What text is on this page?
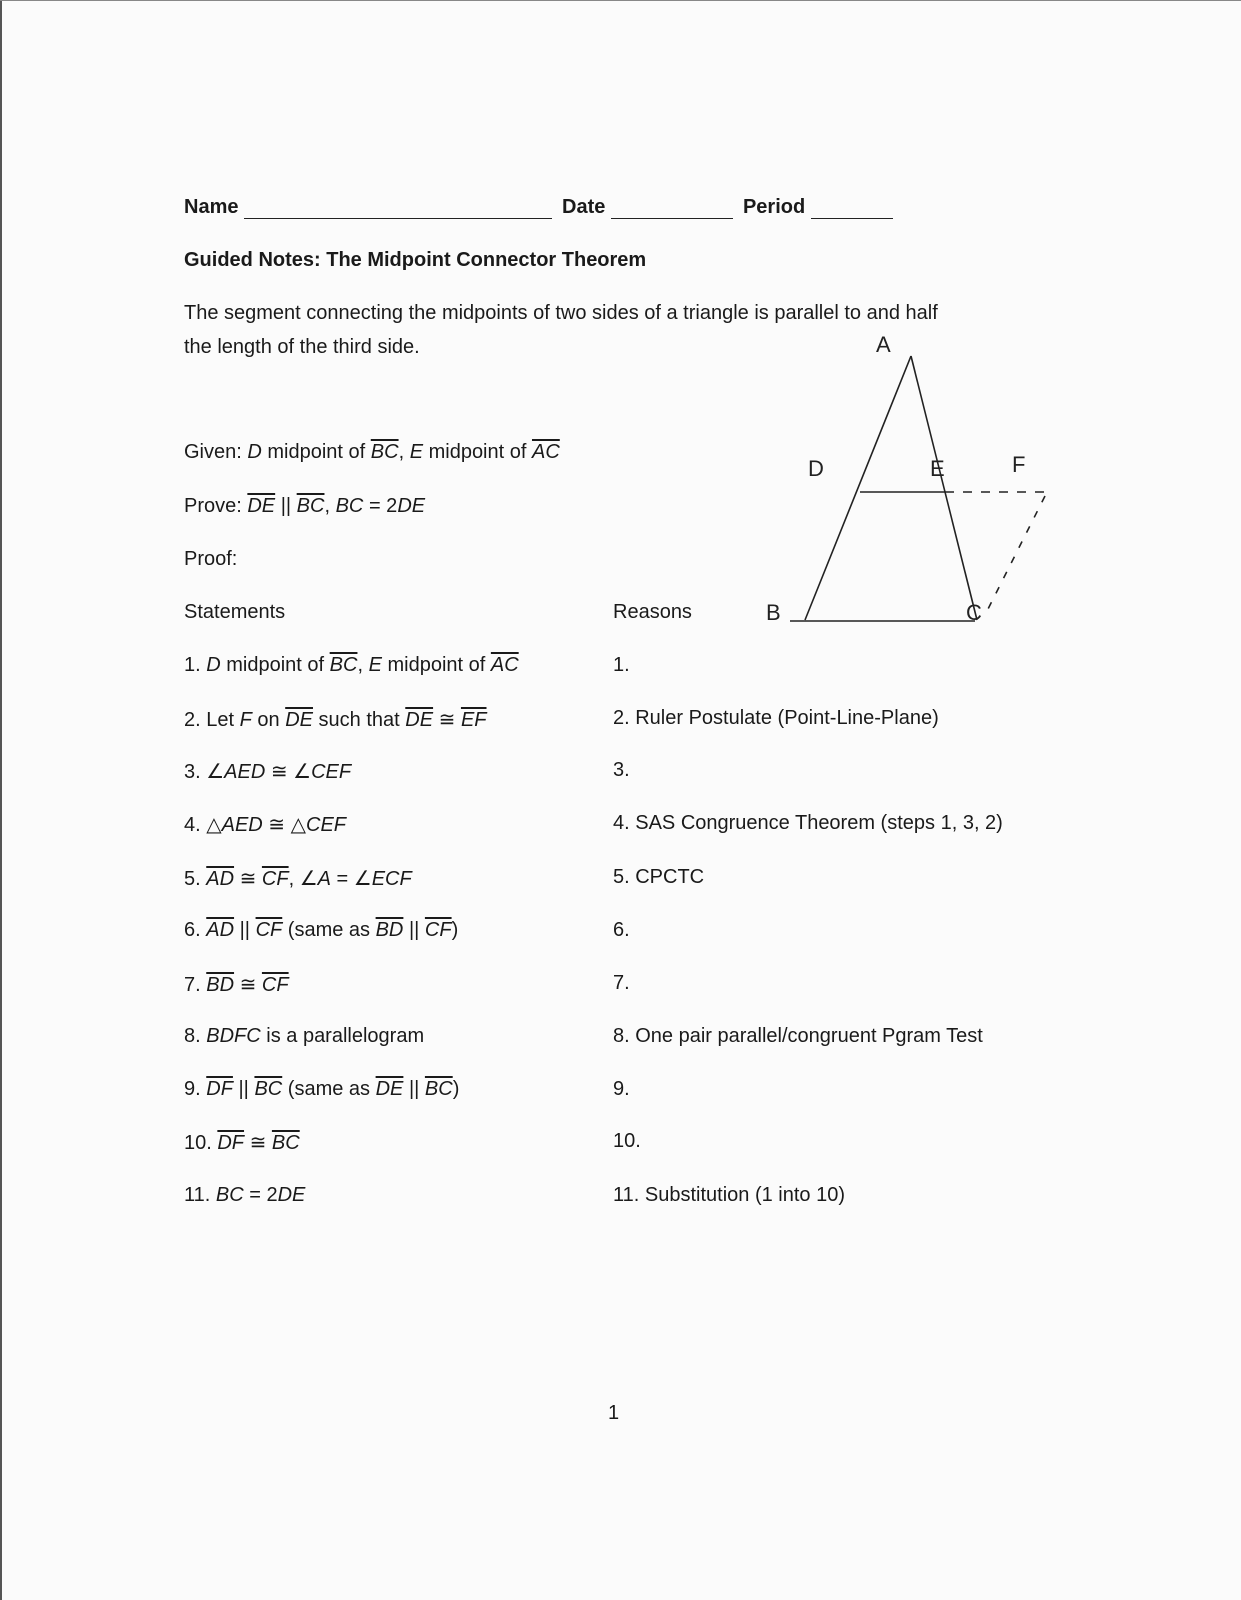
Name	Date	Period
Guided Notes: The Midpoint Connector Theorem
The segment connecting the midpoints of two sides of a triangle is parallel to and half
the length of the third side.
Given: D midpoint of $\overline{BC}$, E midpoint of $\overline{AC}$
Prove: $\overline{DE}$ || $\overline{BC}$, BC = 2DE
Proof:
Statements	Reasons
1. D midpoint of $\overline{BC}$, E midpoint of $\overline{AC}$	1.
2. Let F on $\overline{DE}$ such that $\overline{DE}$ ≅ $\overline{EF}$	2. Ruler Postulate (Point-Line-Plane)
3. ∠AED ≅ ∠CEF	3.
4. △AED ≅ △CEF	4. SAS Congruence Theorem (steps 1, 3, 2)
5. $\overline{AD}$ ≅ $\overline{CF}$, ∠A = ∠ECF	5. CPCTC
6. $\overline{AD}$ || $\overline{CF}$ (same as $\overline{BD}$ || $\overline{CF}$)	6.
7. $\overline{BD}$ ≅ $\overline{CF}$	7.
8. BDFC is a parallelogram	8. One pair parallel/congruent Pgram Test
9. $\overline{DF}$ || $\overline{BC}$ (same as $\overline{DE}$ || $\overline{BC}$)	9.
10. $\overline{DF}$ ≅ $\overline{BC}$	10.
11. BC = 2DE	11. Substitution (1 into 10)
1
A
D	E	F
B	C
